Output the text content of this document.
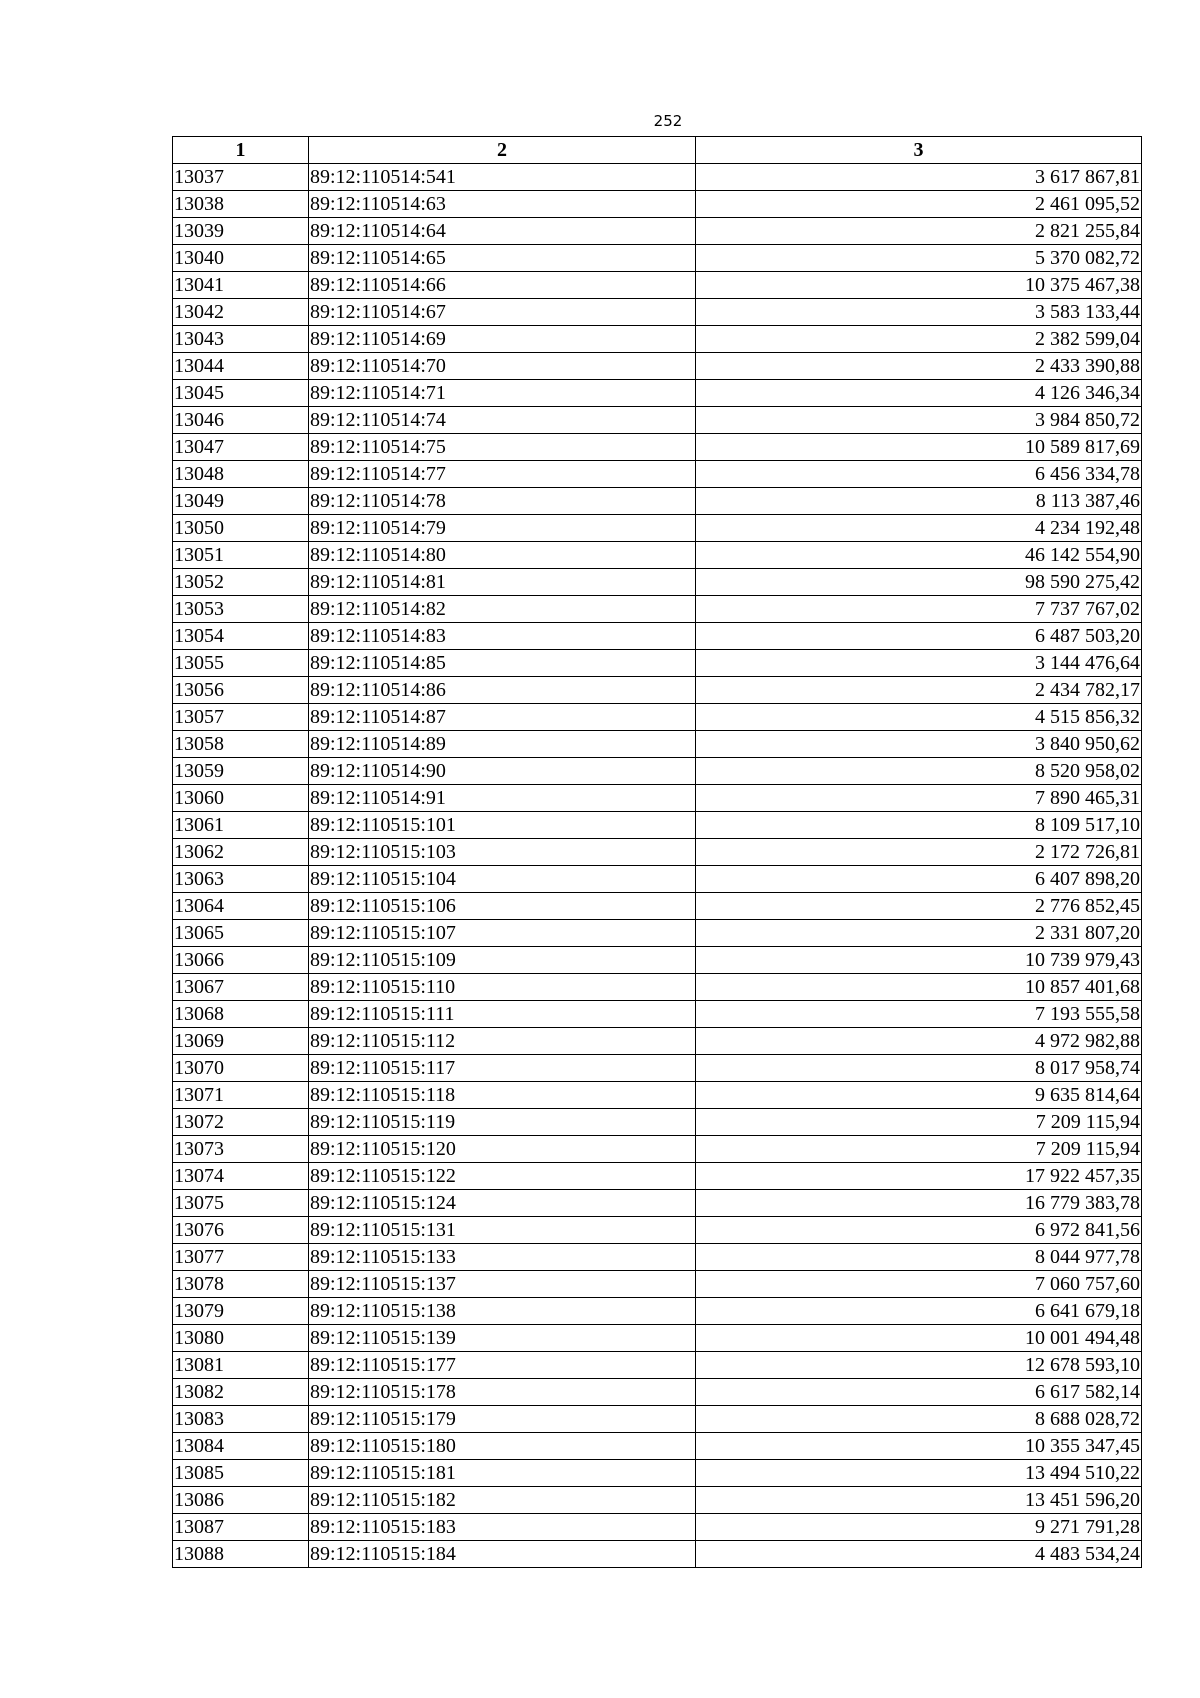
252
1	2	3
13037	89:12:110514:541	3 617 867,81
13038	89:12:110514:63	2 461 095,52
13039	89:12:110514:64	2 821 255,84
13040	89:12:110514:65	5 370 082,72
13041	89:12:110514:66	10 375 467,38
13042	89:12:110514:67	3 583 133,44
13043	89:12:110514:69	2 382 599,04
13044	89:12:110514:70	2 433 390,88
13045	89:12:110514:71	4 126 346,34
13046	89:12:110514:74	3 984 850,72
13047	89:12:110514:75	10 589 817,69
13048	89:12:110514:77	6 456 334,78
13049	89:12:110514:78	8 113 387,46
13050	89:12:110514:79	4 234 192,48
13051	89:12:110514:80	46 142 554,90
13052	89:12:110514:81	98 590 275,42
13053	89:12:110514:82	7 737 767,02
13054	89:12:110514:83	6 487 503,20
13055	89:12:110514:85	3 144 476,64
13056	89:12:110514:86	2 434 782,17
13057	89:12:110514:87	4 515 856,32
13058	89:12:110514:89	3 840 950,62
13059	89:12:110514:90	8 520 958,02
13060	89:12:110514:91	7 890 465,31
13061	89:12:110515:101	8 109 517,10
13062	89:12:110515:103	2 172 726,81
13063	89:12:110515:104	6 407 898,20
13064	89:12:110515:106	2 776 852,45
13065	89:12:110515:107	2 331 807,20
13066	89:12:110515:109	10 739 979,43
13067	89:12:110515:110	10 857 401,68
13068	89:12:110515:111	7 193 555,58
13069	89:12:110515:112	4 972 982,88
13070	89:12:110515:117	8 017 958,74
13071	89:12:110515:118	9 635 814,64
13072	89:12:110515:119	7 209 115,94
13073	89:12:110515:120	7 209 115,94
13074	89:12:110515:122	17 922 457,35
13075	89:12:110515:124	16 779 383,78
13076	89:12:110515:131	6 972 841,56
13077	89:12:110515:133	8 044 977,78
13078	89:12:110515:137	7 060 757,60
13079	89:12:110515:138	6 641 679,18
13080	89:12:110515:139	10 001 494,48
13081	89:12:110515:177	12 678 593,10
13082	89:12:110515:178	6 617 582,14
13083	89:12:110515:179	8 688 028,72
13084	89:12:110515:180	10 355 347,45
13085	89:12:110515:181	13 494 510,22
13086	89:12:110515:182	13 451 596,20
13087	89:12:110515:183	9 271 791,28
13088	89:12:110515:184	4 483 534,24
